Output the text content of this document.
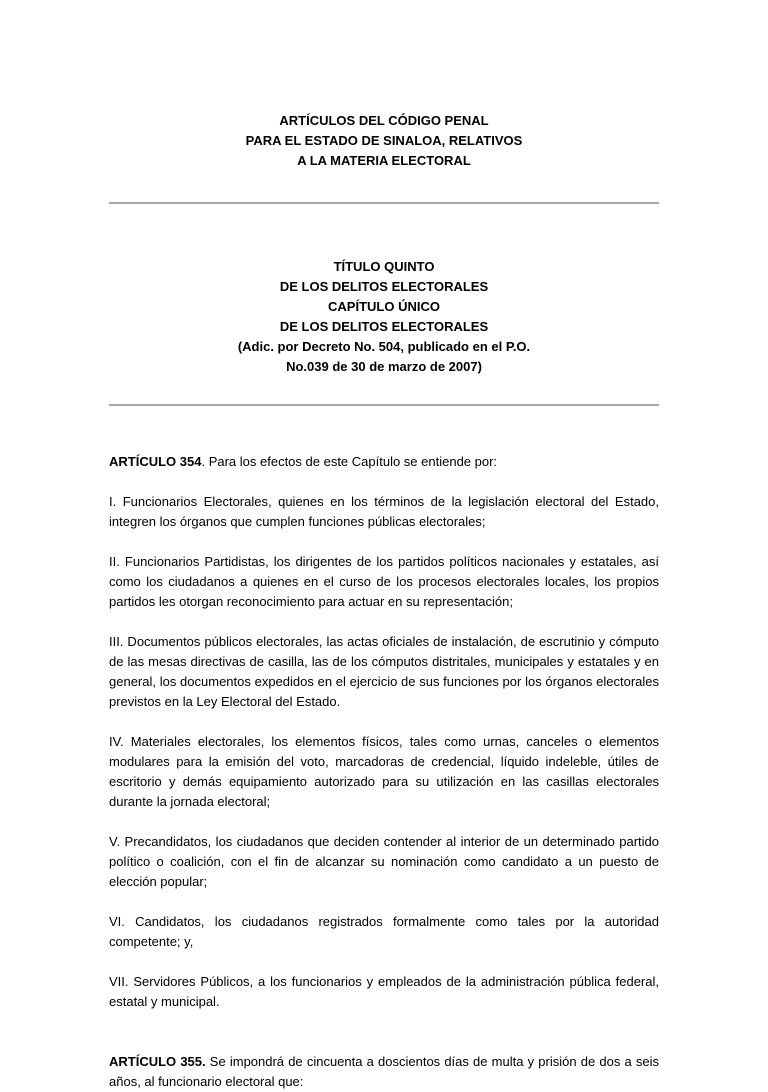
ARTÍCULOS DEL CÓDIGO PENAL
PARA EL ESTADO DE SINALOA, RELATIVOS
A LA MATERIA ELECTORAL
TÍTULO QUINTO
DE LOS DELITOS ELECTORALES
CAPÍTULO ÚNICO
DE LOS DELITOS ELECTORALES
(Adic. por Decreto No. 504, publicado en el P.O.
No.039 de 30 de marzo de 2007)

ARTÍCULO 354. Para los efectos de este Capítulo se entiende por:

I. Funcionarios Electorales, quienes en los términos de la legislación electoral del Estado, integren los órganos que cumplen funciones públicas electorales;

II. Funcionarios Partidistas, los dirigentes de los partidos políticos nacionales y estatales, así como los ciudadanos a quienes en el curso de los procesos electorales locales, los propios partidos les otorgan reconocimiento para actuar en su representación;

III. Documentos públicos electorales, las actas oficiales de instalación, de escrutinio y cómputo de las mesas directivas de casilla, las de los cómputos distritales, municipales y estatales y en general, los documentos expedidos en el ejercicio de sus funciones por los órganos electorales previstos en la Ley Electoral del Estado.

IV. Materiales electorales, los elementos físicos, tales como urnas, canceles o elementos modulares para la emisión del voto, marcadoras de credencial, líquido indeleble, útiles de escritorio y demás equipamiento autorizado para su utilización en las casillas electorales durante la jornada electoral;

V. Precandidatos, los ciudadanos que deciden contender al interior de un determinado partido político o coalición, con el fin de alcanzar su nominación como candidato a un puesto de elección popular;

VI. Candidatos, los ciudadanos registrados formalmente como tales por la autoridad competente; y,

VII. Servidores Públicos, a los funcionarios y empleados de la administración pública federal, estatal y municipal.

ARTÍCULO 355. Se impondrá de cincuenta a doscientos días de multa y prisión de dos a seis años, al funcionario electoral que:
